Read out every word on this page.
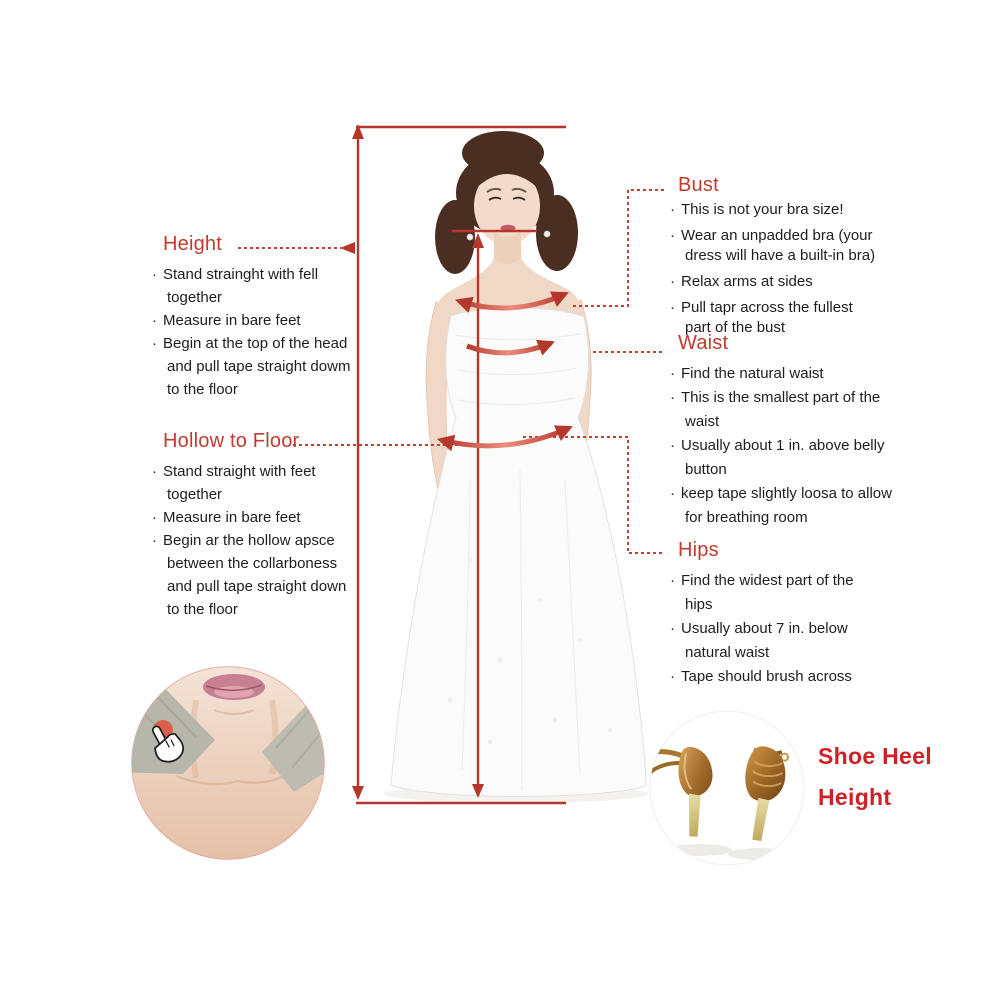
Height
· Stand strainght with fell
together
· Measure in bare feet
· Begin at the top of the head
and pull tape straight dowm
to the floor
Hollow to Floor
· Stand straight with feet
together
· Measure in bare feet
· Begin ar the hollow apsce
between the collarboness
and pull tape straight down
to the floor
Bust
· This is not your bra size!
· Wear an unpadded bra (your
dress will have a built-in bra)
· Relax arms at sides
· Pull tapr across the fullest
part of the bust
Waist
· Find the natural waist
· This is the smallest part of the
waist
· Usually about 1 in. above belly
button
· keep tape slightly loosa to allow
for breathing room
Hips
· Find the widest part of the
hips
· Usually about 7 in. below
natural waist
· Tape should brush across
Shoe Heel
Height
